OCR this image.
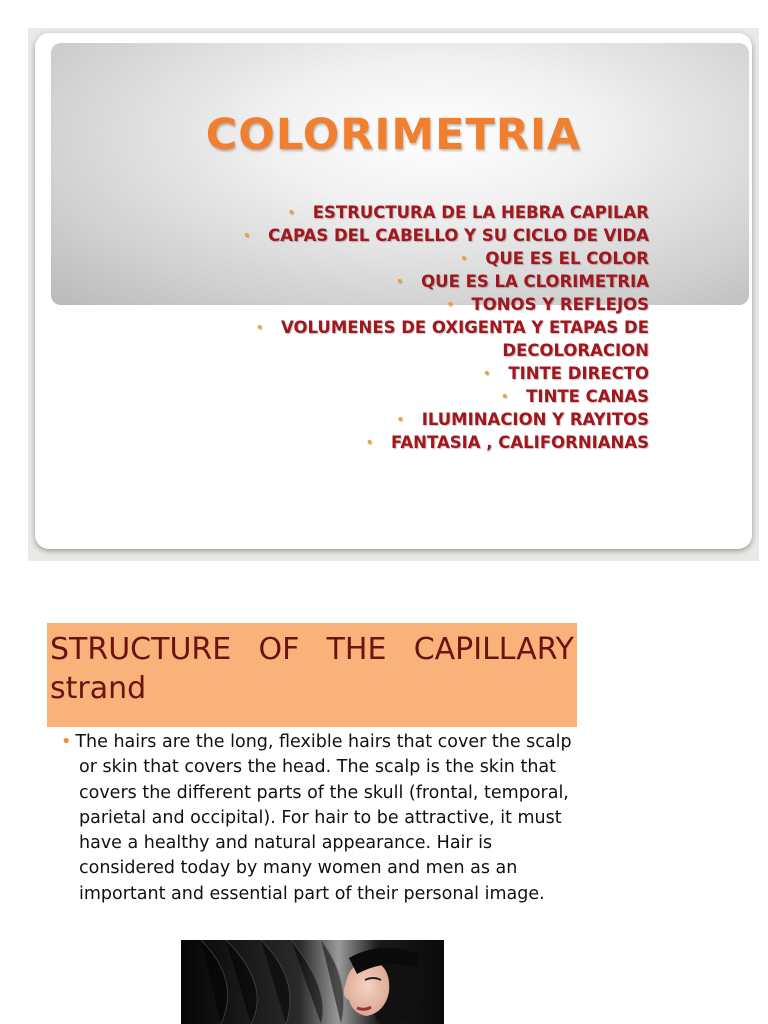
COLORIMETRIA
• ESTRUCTURA DE LA HEBRA CAPILAR
• CAPAS DEL CABELLO Y SU CICLO DE VIDA
• QUE ES EL COLOR
• QUE ES LA CLORIMETRIA
• TONOS Y REFLEJOS
• VOLUMENES DE OXIGENTA Y ETAPAS DE
DECOLORACION
• TINTE DIRECTO
• TINTE CANAS
• ILUMINACION Y RAYITOS
• FANTASIA , CALIFORNIANAS
STRUCTURE OF THE CAPILLARY strand
• The hairs are the long, flexible hairs that cover the scalp or skin that covers the head. The scalp is the skin that covers the different parts of the skull (frontal, temporal, parietal and occipital). For hair to be attractive, it must have a healthy and natural appearance. Hair is considered today by many women and men as an important and essential part of their personal image.
